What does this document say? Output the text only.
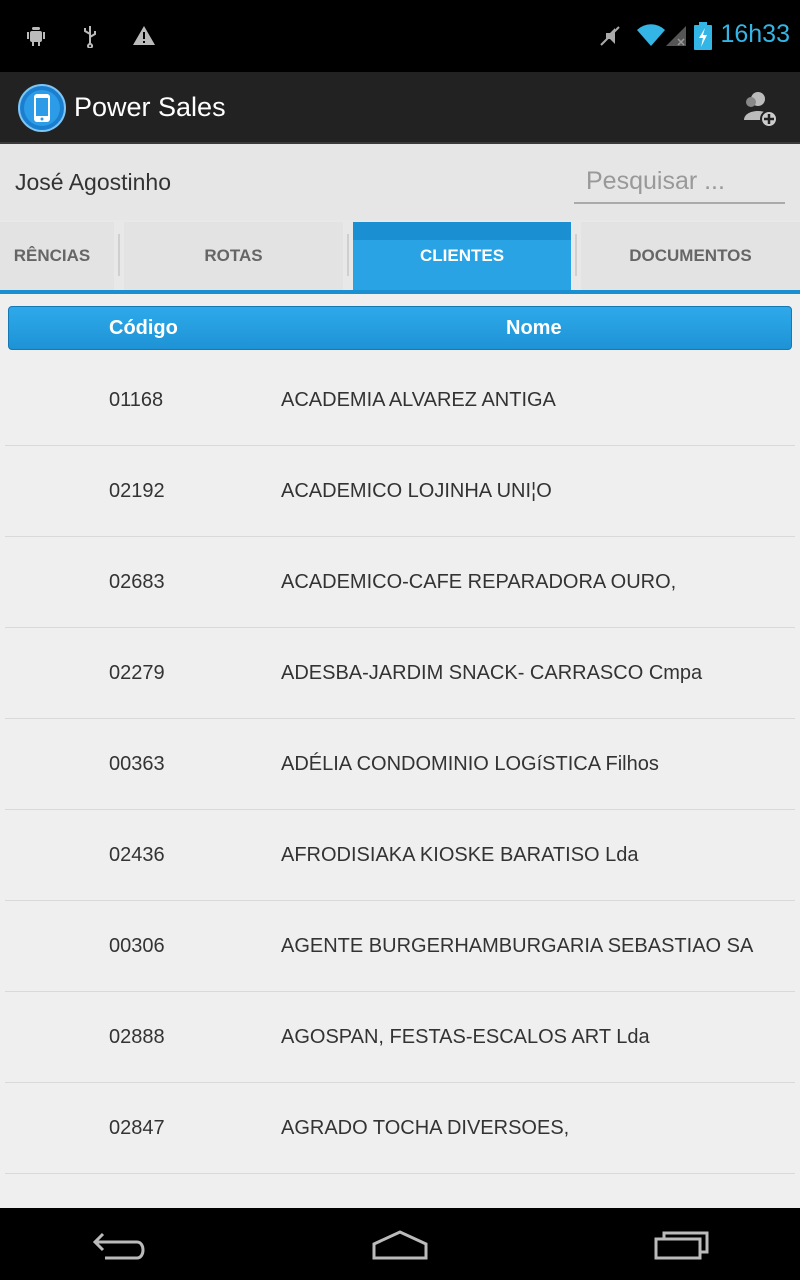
16h33
Power Sales
José Agostinho
Pesquisar ...
RÊNCIAS	ROTAS	CLIENTES	DOCUMENTOS
Código	Nome
01168	ACADEMIA ALVAREZ ANTIGA
02192	ACADEMICO LOJINHA UNI¦O
02683	ACADEMICO-CAFE REPARADORA OURO,
02279	ADESBA-JARDIM SNACK- CARRASCO Cmpa
00363	ADÉLIA CONDOMINIO LOGíSTICA Filhos
02436	AFRODISIAKA KIOSKE BARATISO Lda
00306	AGENTE BURGERHAMBURGARIA SEBASTIAO SA
02888	AGOSPAN, FESTAS-ESCALOS ART Lda
02847	AGRADO TOCHA DIVERSOES,
